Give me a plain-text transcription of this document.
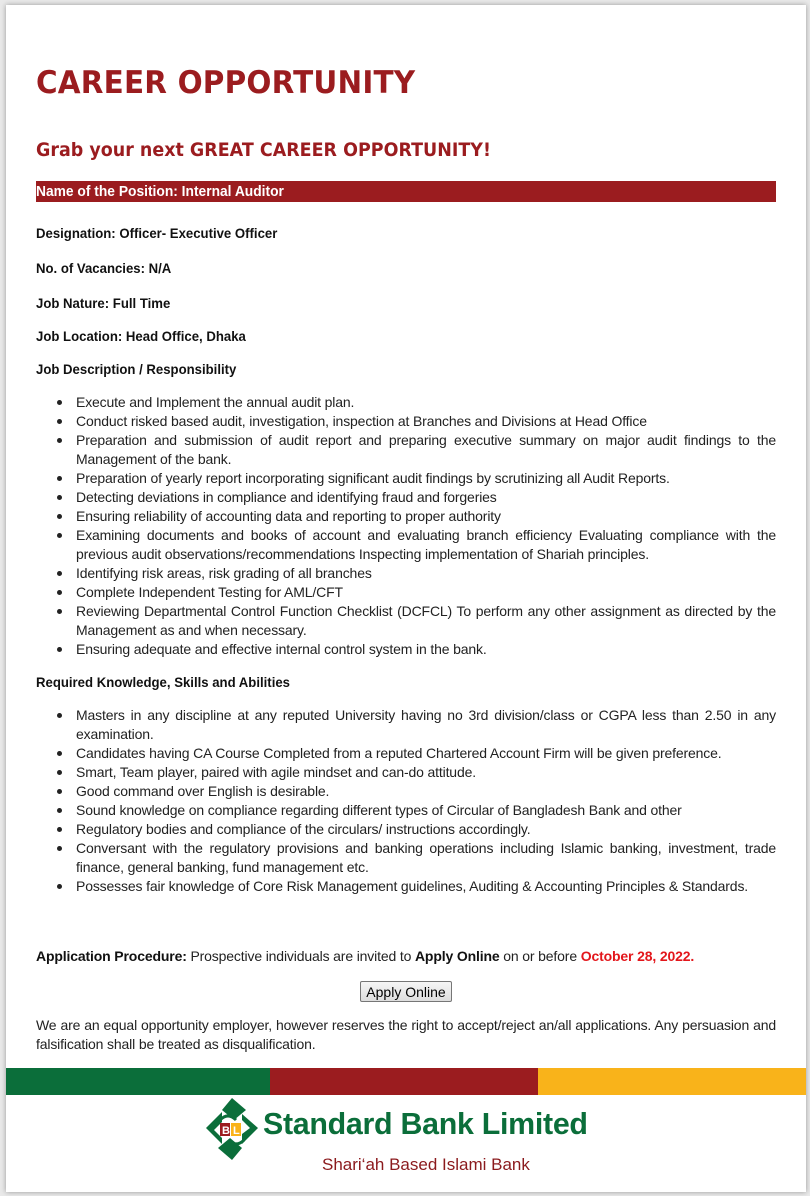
CAREER OPPORTUNITY
Grab your next GREAT CAREER OPPORTUNITY!
Name of the Position: Internal Auditor
Designation: Officer- Executive Officer
No. of Vacancies: N/A
Job Nature: Full Time
Job Location: Head Office, Dhaka
Job Description / Responsibility
Execute and Implement the annual audit plan.
Conduct risked based audit, investigation, inspection at Branches and Divisions at Head Office
Preparation and submission of audit report and preparing executive summary on major audit findings to the Management of the bank.
Preparation of yearly report incorporating significant audit findings by scrutinizing all Audit Reports.
Detecting deviations in compliance and identifying fraud and forgeries
Ensuring reliability of accounting data and reporting to proper authority
Examining documents and books of account and evaluating branch efficiency Evaluating compliance with the previous audit observations/recommendations Inspecting implementation of Shariah principles.
Identifying risk areas, risk grading of all branches
Complete Independent Testing for AML/CFT
Reviewing Departmental Control Function Checklist (DCFCL) To perform any other assignment as directed by the Management as and when necessary.
Ensuring adequate and effective internal control system in the bank.
Required Knowledge, Skills and Abilities
Masters in any discipline at any reputed University having no 3rd division/class or CGPA less than 2.50 in any examination.
Candidates having CA Course Completed from a reputed Chartered Account Firm will be given preference.
Smart, Team player, paired with agile mindset and can-do attitude.
Good command over English is desirable.
Sound knowledge on compliance regarding different types of Circular of Bangladesh Bank and other
Regulatory bodies and compliance of the circulars/ instructions accordingly.
Conversant with the regulatory provisions and banking operations including Islamic banking, investment, trade finance, general banking, fund management etc.
Possesses fair knowledge of Core Risk Management guidelines, Auditing & Accounting Principles & Standards.

Application Procedure: Prospective individuals are invited to Apply Online on or before October 28, 2022.

Apply Online

We are an equal opportunity employer, however reserves the right to accept/reject an/all applications. Any persuasion and falsification shall be treated as disqualification.

B L Standard Bank Limited
Shari‘ah Based Islami Bank
